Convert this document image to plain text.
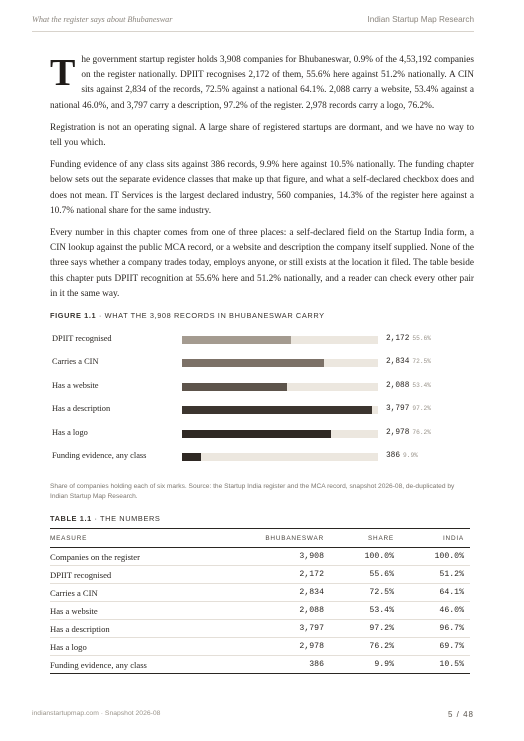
What the register says about Bhubaneswar	Indian Startup Map Research

The government startup register holds 3,908 companies for Bhubaneswar, 0.9% of the 4,53,192 companies on the register nationally. DPIIT recognises 2,172 of them, 55.6% here against 51.2% nationally. A CIN sits against 2,834 of the records, 72.5% against a national 64.1%. 2,088 carry a website, 53.4% against a national 46.0%, and 3,797 carry a description, 97.2% of the register. 2,978 records carry a logo, 76.2%.

Registration is not an operating signal. A large share of registered startups are dormant, and we have no way to tell you which.

Funding evidence of any class sits against 386 records, 9.9% here against 10.5% nationally. The funding chapter below sets out the separate evidence classes that make up that figure, and what a self-declared checkbox does and does not mean. IT Services is the largest declared industry, 560 companies, 14.3% of the register here against a 10.7% national share for the same industry.

Every number in this chapter comes from one of three places: a self-declared field on the Startup India form, a CIN lookup against the public MCA record, or a website and description the company itself supplied. None of the three says whether a company trades today, employs anyone, or still exists at the location it filed. The table beside this chapter puts DPIIT recognition at 55.6% here and 51.2% nationally, and a reader can check every other pair in it the same way.

FIGURE 1.1 · WHAT THE 3,908 RECORDS IN BHUBANESWAR CARRY
DPIIT recognised	2,172 55.6%
Carries a CIN	2,834 72.5%
Has a website	2,088 53.4%
Has a description	3,797 97.2%
Has a logo	2,978 76.2%
Funding evidence, any class	386 9.9%
Share of companies holding each of six marks. Source: the Startup India register and the MCA record, snapshot 2026-08, de-duplicated by Indian Startup Map Research.
TABLE 1.1 · THE NUMBERS
MEASURE	BHUBANESWAR	SHARE	INDIA
Companies on the register	3,908	100.0%	100.0%
DPIIT recognised	2,172	55.6%	51.2%
Carries a CIN	2,834	72.5%	64.1%
Has a website	2,088	53.4%	46.0%
Has a description	3,797	97.2%	96.7%
Has a logo	2,978	76.2%	69.7%
Funding evidence, any class	386	9.9%	10.5%
indianstartupmap.com · Snapshot 2026-08	5 / 48
